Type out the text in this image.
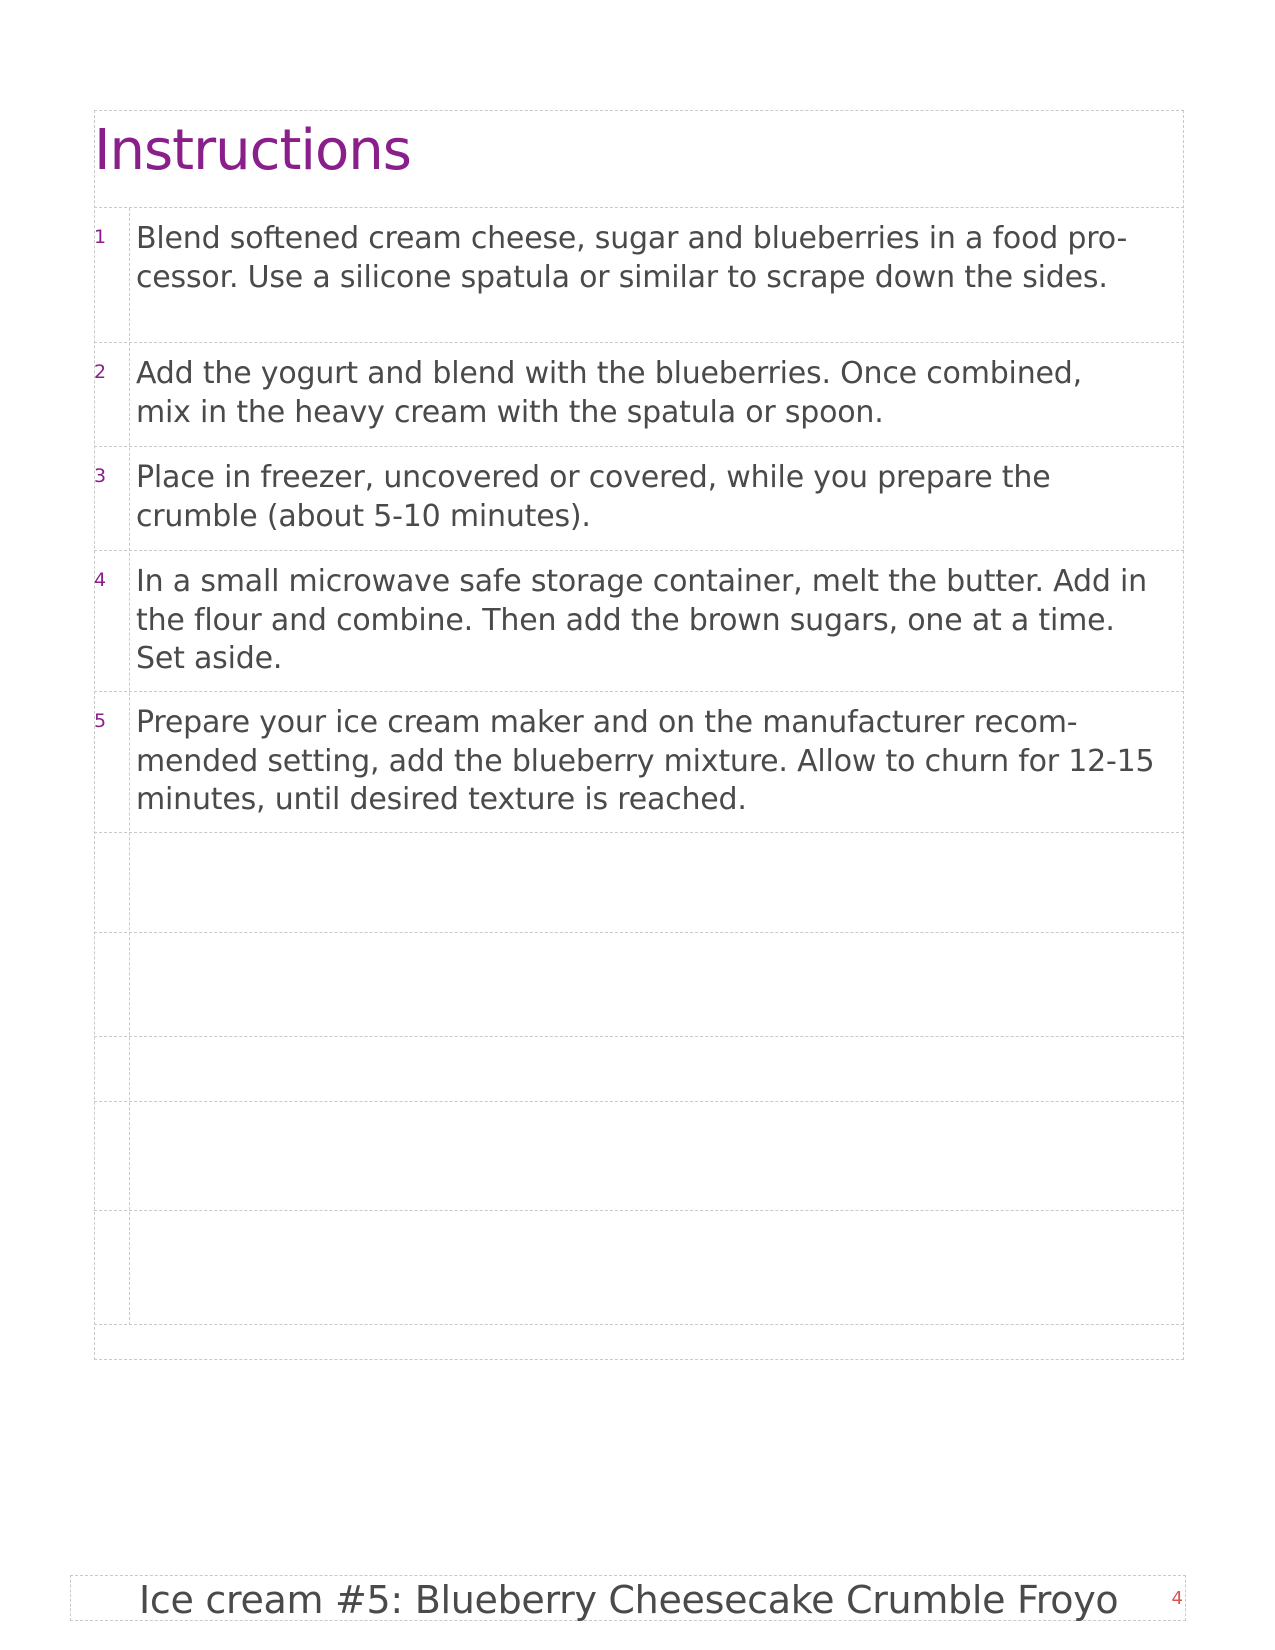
Instructions
1 Blend softened cream cheese, sugar and blueberries in a food pro-
cessor. Use a silicone spatula or similar to scrape down the sides.
2 Add the yogurt and blend with the blueberries. Once combined,
mix in the heavy cream with the spatula or spoon.
3 Place in freezer, uncovered or covered, while you prepare the
crumble (about 5-10 minutes).
4 In a small microwave safe storage container, melt the butter. Add in
the flour and combine. Then add the brown sugars, one at a time.
Set aside.
5 Prepare your ice cream maker and on the manufacturer recom-
mended setting, add the blueberry mixture. Allow to churn for 12-15
minutes, until desired texture is reached.
Ice cream #5: Blueberry Cheesecake Crumble Froyo	4
